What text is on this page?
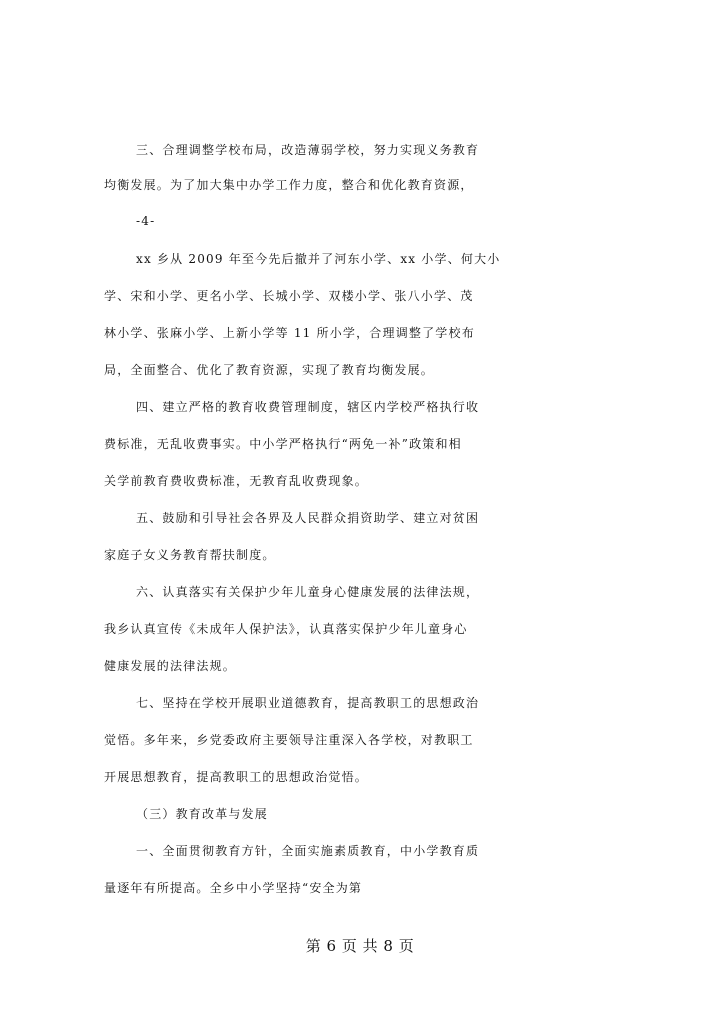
三、合理调整学校布局，改造薄弱学校，努力实现义务教育
均衡发展。为了加大集中办学工作力度，整合和优化教育资源，
-4-
xx 乡从 2009 年至今先后撤并了河东小学、xx 小学、何大小
学、宋和小学、更名小学、长城小学、双楼小学、张八小学、茂
林小学、张麻小学、上新小学等 11 所小学，合理调整了学校布
局，全面整合、优化了教育资源，实现了教育均衡发展。
四、建立严格的教育收费管理制度，辖区内学校严格执行收
费标准，无乱收费事实。中小学严格执行“两免一补”政策和相
关学前教育费收费标准，无教育乱收费现象。
五、鼓励和引导社会各界及人民群众捐资助学、建立对贫困
家庭子女义务教育帮扶制度。
六、认真落实有关保护少年儿童身心健康发展的法律法规，
我乡认真宣传《未成年人保护法》，认真落实保护少年儿童身心
健康发展的法律法规。
七、坚持在学校开展职业道德教育，提高教职工的思想政治
觉悟。多年来，乡党委政府主要领导注重深入各学校，对教职工
开展思想教育，提高教职工的思想政治觉悟。
（三）教育改革与发展
一、全面贯彻教育方针，全面实施素质教育，中小学教育质
量逐年有所提高。全乡中小学坚持“安全为第
第 6 页 共 8 页
